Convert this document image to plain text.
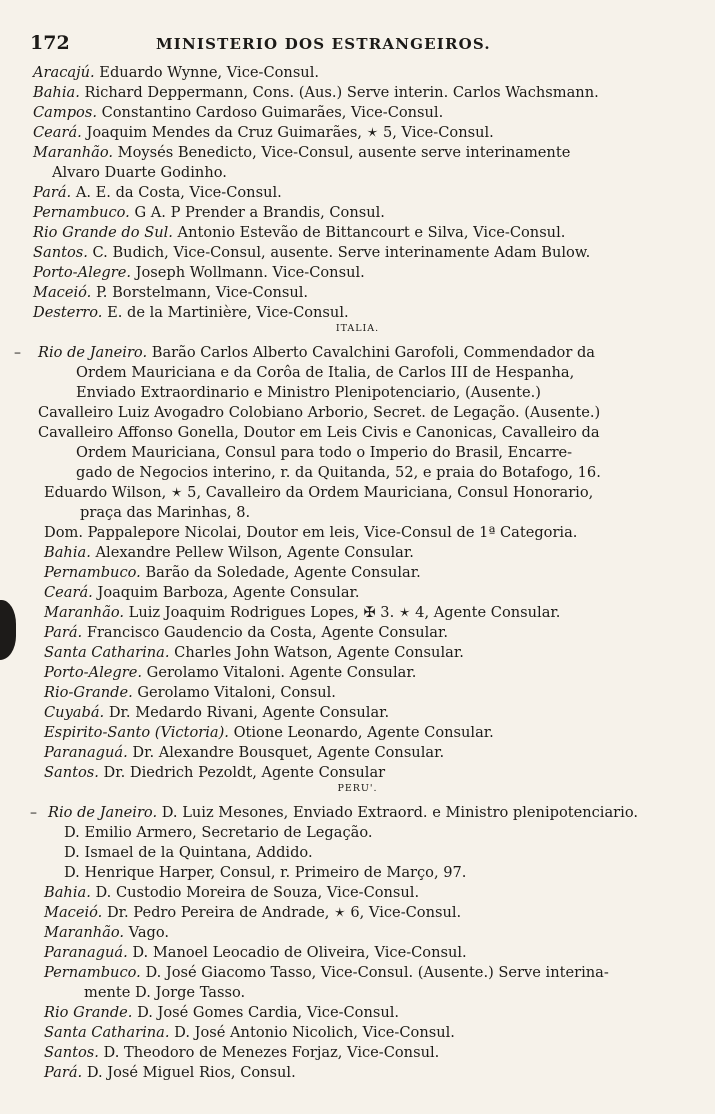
172	MINISTERIO DOS ESTRANGEIROS.
Aracajú. Eduardo Wynne, Vice-Consul.
Bahia. Richard Deppermann, Cons. (Aus.) Serve interin. Carlos Wachsmann.
Campos. Constantino Cardoso Guimarães, Vice-Consul.
Ceará. Joaquim Mendes da Cruz Guimarães, 🟉 5, Vice-Consul.
Maranhão. Moysés Benedicto, Vice-Consul, ausente serve interinamente
Alvaro Duarte Godinho.
Pará. A. E. da Costa, Vice-Consul.
Pernambuco. G A. P Prender a Brandis, Consul.
Rio Grande do Sul. Antonio Estevão de Bittancourt e Silva, Vice-Consul.
Santos. C. Budich, Vice-Consul, ausente. Serve interinamente Adam Bulow.
Porto-Alegre. Joseph Wollmann. Vice-Consul.
Maceió. P. Borstelmann, Vice-Consul.
Desterro. E. de la Martinière, Vice-Consul.
ITALIA.
Rio de Janeiro. Barão Carlos Alberto Cavalchini Garofoli, Commendador da
Ordem Mauriciana e da Corôa de Italia, de Carlos III de Hespanha,
Enviado Extraordinario e Ministro Plenipotenciario, (Ausente.)
Cavalleiro Luiz Avogadro Colobiano Arborio, Secret. de Legação. (Ausente.)
Cavalleiro Affonso Gonella, Doutor em Leis Civis e Canonicas, Cavalleiro da
Ordem Mauriciana, Consul para todo o Imperio do Brasil, Encarre-
gado de Negocios interino, r. da Quitanda, 52, e praia do Botafogo, 16.
Eduardo Wilson, 🟉 5, Cavalleiro da Ordem Mauriciana, Consul Honorario,
praça das Marinhas, 8.
Dom. Pappalepore Nicolai, Doutor em leis, Vice-Consul de 1ª Categoria.
Bahia. Alexandre Pellew Wilson, Agente Consular.
Pernambuco. Barão da Soledade, Agente Consular.
Ceará. Joaquim Barboza, Agente Consular.
Maranhão. Luiz Joaquim Rodrigues Lopes, ✠ 3. 🟉 4, Agente Consular.
Pará. Francisco Gaudencio da Costa, Agente Consular.
Santa Catharina. Charles John Watson, Agente Consular.
Porto-Alegre. Gerolamo Vitaloni. Agente Consular.
Rio-Grande. Gerolamo Vitaloni, Consul.
Cuyabá. Dr. Medardo Rivani, Agente Consular.
Espirito-Santo (Victoria). Otione Leonardo, Agente Consular.
Paranaguá. Dr. Alexandre Bousquet, Agente Consular.
Santos. Dr. Diedrich Pezoldt, Agente Consular
PERU'.
Rio de Janeiro. D. Luiz Mesones, Enviado Extraord. e Ministro plenipotenciario.
D. Emilio Armero, Secretario de Legação.
D. Ismael de la Quintana, Addido.
D. Henrique Harper, Consul, r. Primeiro de Março, 97.
Bahia. D. Custodio Moreira de Souza, Vice-Consul.
Maceió. Dr. Pedro Pereira de Andrade, 🟉 6, Vice-Consul.
Maranhão. Vago.
Paranaguá. D. Manoel Leocadio de Oliveira, Vice-Consul.
Pernambuco. D. José Giacomo Tasso, Vice-Consul. (Ausente.) Serve interina-
mente D. Jorge Tasso.
Rio Grande. D. José Gomes Cardia, Vice-Consul.
Santa Catharina. D. José Antonio Nicolich, Vice-Consul.
Santos. D. Theodoro de Menezes Forjaz, Vice-Consul.
Pará. D. José Miguel Rios, Consul.
–
–
